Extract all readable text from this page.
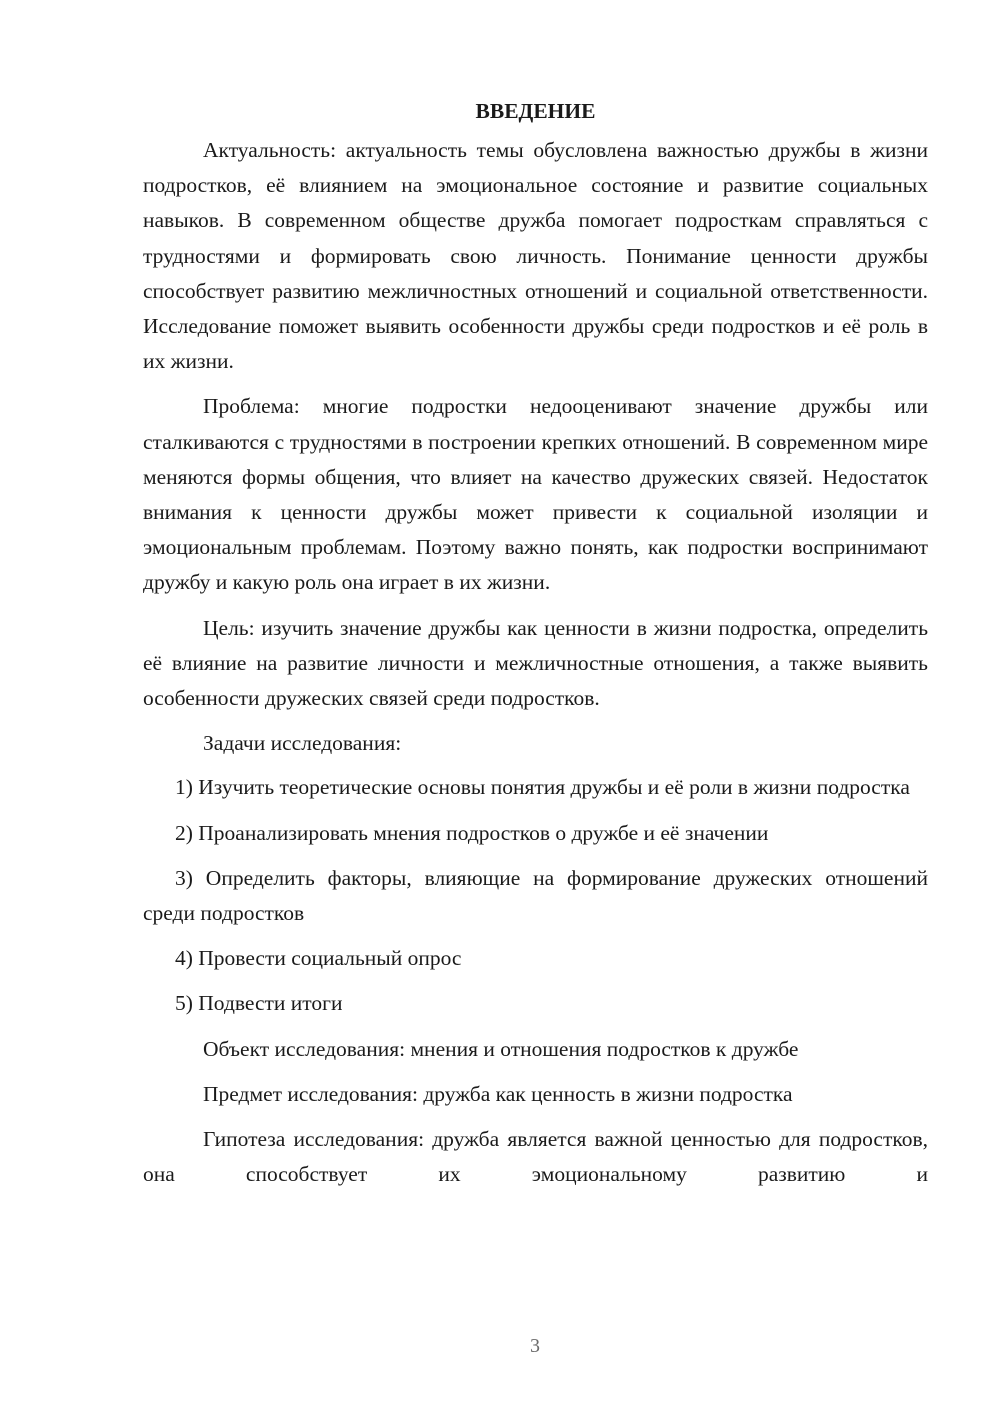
ВВЕДЕНИЕ

Актуальность: актуальность темы обусловлена важностью дружбы в жизни подростков, её влиянием на эмоциональное состояние и развитие социальных навыков. В современном обществе дружба помогает подросткам справляться с трудностями и формировать свою личность. Понимание ценности дружбы способствует развитию межличностных отношений и социальной ответственности. Исследование поможет выявить особенности дружбы среди подростков и её роль в их жизни.

Проблема: многие подростки недооценивают значение дружбы или сталкиваются с трудностями в построении крепких отношений. В современном мире меняются формы общения, что влияет на качество дружеских связей. Недостаток внимания к ценности дружбы может привести к социальной изоляции и эмоциональным проблемам. Поэтому важно понять, как подростки воспринимают дружбу и какую роль она играет в их жизни.

Цель: изучить значение дружбы как ценности в жизни подростка, определить её влияние на развитие личности и межличностные отношения, а также выявить особенности дружеских связей среди подростков.

Задачи исследования:

1) Изучить теоретические основы понятия дружбы и её роли в жизни подростка

2) Проанализировать мнения подростков о дружбе и её значении

3) Определить факторы, влияющие на формирование дружеских отношений среди подростков

4) Провести социальный опрос

5) Подвести итоги

Объект исследования: мнения и отношения подростков к дружбе

Предмет исследования: дружба как ценность в жизни подростка

Гипотеза исследования: дружба является важной ценностью для подростков, она способствует их эмоциональному развитию и

3
